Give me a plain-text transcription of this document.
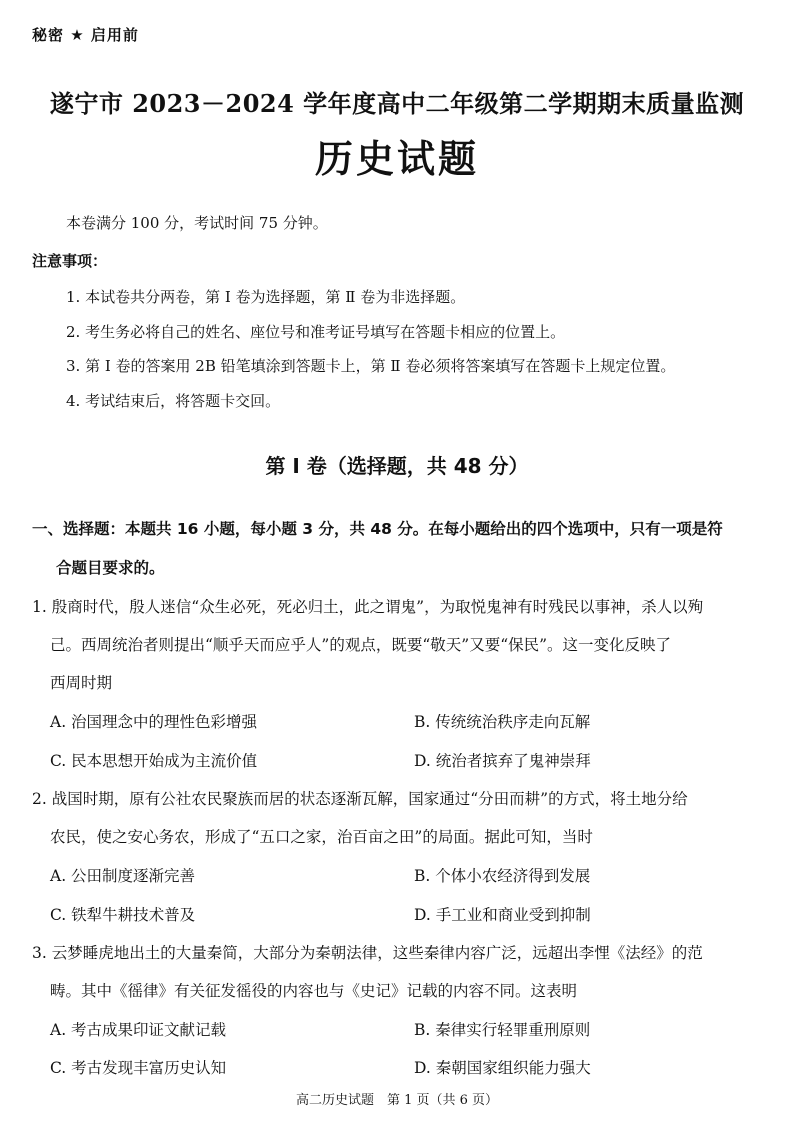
秘密 ★ 启用前
遂宁市 2023－2024 学年度高中二年级第二学期期末质量监测
历史试题
本卷满分 100 分，考试时间 75 分钟。
注意事项：
1. 本试卷共分两卷，第 Ⅰ 卷为选择题，第 Ⅱ 卷为非选择题。
2. 考生务必将自己的姓名、座位号和准考证号填写在答题卡相应的位置上。
3. 第 Ⅰ 卷的答案用 2B 铅笔填涂到答题卡上，第 Ⅱ 卷必须将答案填写在答题卡上规定位置。
4. 考试结束后，将答题卡交回。
第 Ⅰ 卷（选择题，共 48 分）
一、选择题：本题共 16 小题，每小题 3 分，共 48 分。在每小题给出的四个选项中，只有一项是符
合题目要求的。
1. 殷商时代，殷人迷信“众生必死，死必归土，此之谓鬼”，为取悦鬼神有时残民以事神，杀人以殉
己。西周统治者则提出“顺乎天而应乎人”的观点，既要“敬天”又要“保民”。这一变化反映了
西周时期
A. 治国理念中的理性色彩增强	B. 传统统治秩序走向瓦解
C. 民本思想开始成为主流价值	D. 统治者摈弃了鬼神崇拜
2. 战国时期，原有公社农民聚族而居的状态逐渐瓦解，国家通过“分田而耕”的方式，将土地分给
农民，使之安心务农，形成了“五口之家，治百亩之田”的局面。据此可知，当时
A. 公田制度逐渐完善	B. 个体小农经济得到发展
C. 铁犁牛耕技术普及	D. 手工业和商业受到抑制
3. 云梦睡虎地出土的大量秦简，大部分为秦朝法律，这些秦律内容广泛，远超出李悝《法经》的范
畴。其中《徭律》有关征发徭役的内容也与《史记》记载的内容不同。这表明
A. 考古成果印证文献记载	B. 秦律实行轻罪重刑原则
C. 考古发现丰富历史认知	D. 秦朝国家组织能力强大
高二历史试题　第 1 页（共 6 页）
